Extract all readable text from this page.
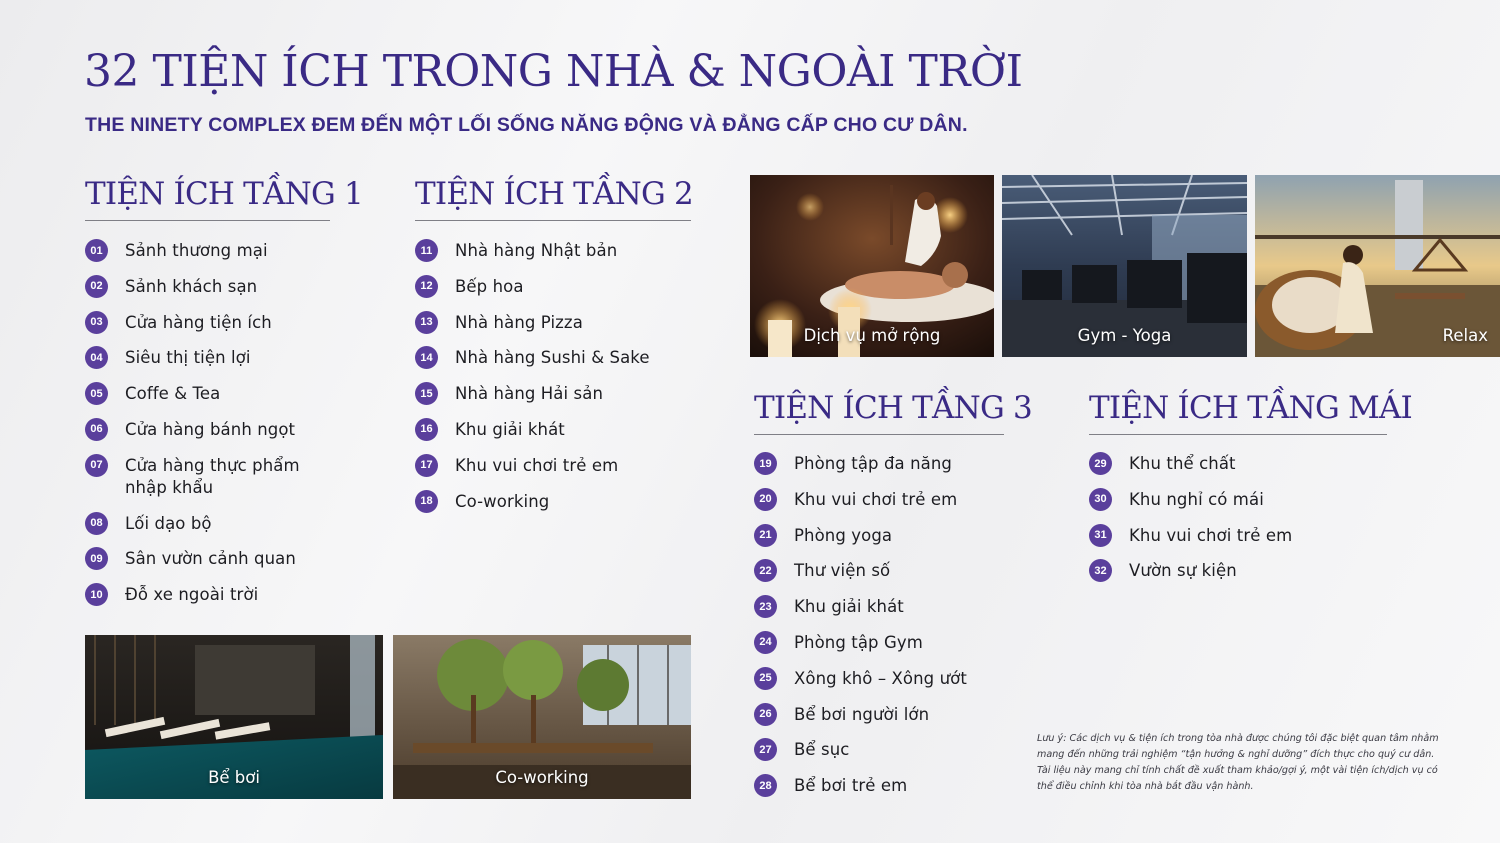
32 TIỆN ÍCH TRONG NHÀ & NGOÀI TRỜI

THE NINETY COMPLEX ĐEM ĐẾN MỘT LỐI SỐNG NĂNG ĐỘNG VÀ ĐẲNG CẤP CHO CƯ DÂN.

TIỆN ÍCH TẦNG 1
01	Sảnh thương mại
02	Sảnh khách sạn
03	Cửa hàng tiện ích
04	Siêu thị tiện lợi
05	Coffe & Tea
06	Cửa hàng bánh ngọt
07	Cửa hàng thực phẩm nhập khẩu
08	Lối dạo bộ
09	Sân vườn cảnh quan
10	Đỗ xe ngoài trời
TIỆN ÍCH TẦNG 2
11	Nhà hàng Nhật bản
12	Bếp hoa
13	Nhà hàng Pizza
14	Nhà hàng Sushi & Sake
15	Nhà hàng Hải sản
16	Khu giải khát
17	Khu vui chơi trẻ em
18	Co-working
TIỆN ÍCH TẦNG 3
19	Phòng tập đa năng
20	Khu vui chơi trẻ em
21	Phòng yoga
22	Thư viện số
23	Khu giải khát
24	Phòng tập Gym
25	Xông khô – Xông ướt
26	Bể bơi người lớn
27	Bể sục
28	Bể bơi trẻ em
TIỆN ÍCH TẦNG MÁI
29	Khu thể chất
30	Khu nghỉ có mái
31	Khu vui chơi trẻ em
32	Vườn sự kiện
Dịch vụ mở rộng	Gym - Yoga	Relax
Bể bơi	Co-working

Lưu ý: Các dịch vụ & tiện ích trong tòa nhà được chúng tôi đặc biệt quan tâm nhằm mang đến những trải nghiệm “tận hưởng & nghỉ dưỡng” đích thực cho quý cư dân. Tài liệu này mang chỉ tính chất đề xuất tham khảo/gợi ý, một vài tiện ích/dịch vụ có thể điều chỉnh khi tòa nhà bắt đầu vận hành.
